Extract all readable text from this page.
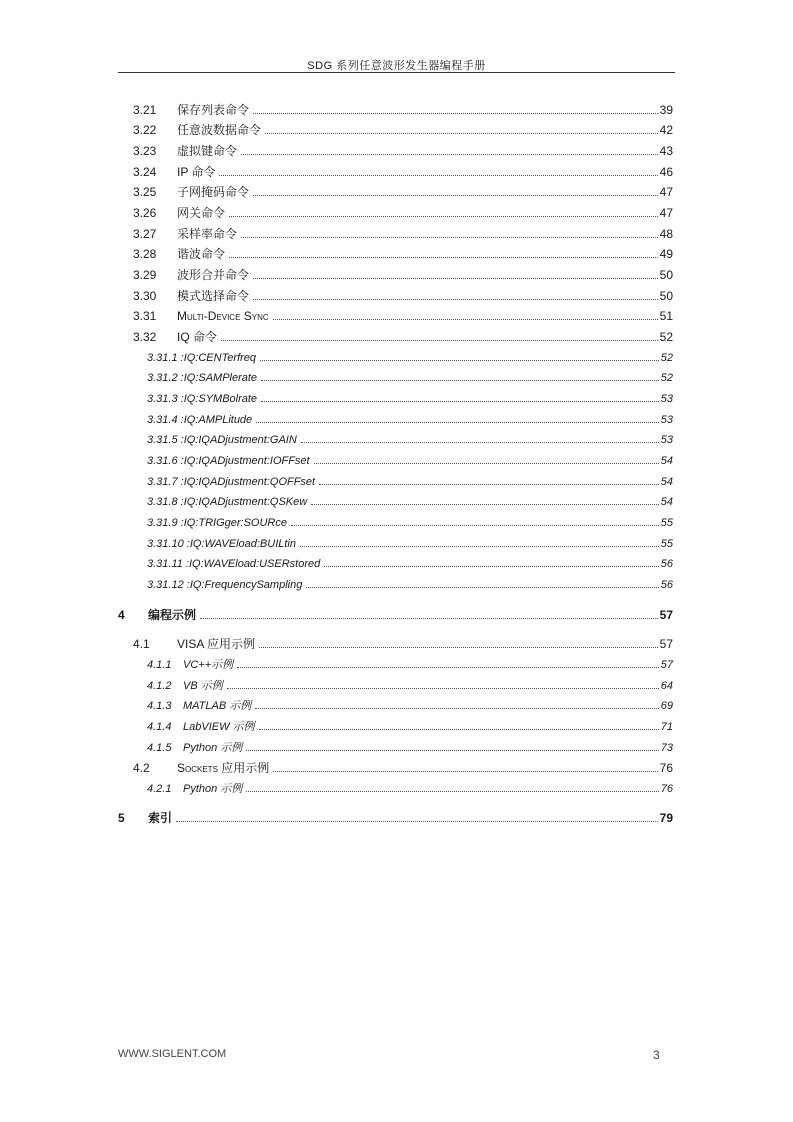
SDG 系列任意波形发生器编程手册
3.21	保存列表命令	39
3.22	任意波数据命令	42
3.23	虚拟键命令	43
3.24	IP 命令	46
3.25	子网掩码命令	47
3.26	网关命令	47
3.27	采样率命令	48
3.28	谐波命令	49
3.29	波形合并命令	50
3.30	模式选择命令	50
3.31	Multi-Device Sync	51
3.32	IQ 命令	52
3.31.1 :IQ:CENTerfreq	52
3.31.2 :IQ:SAMPlerate	52
3.31.3 :IQ:SYMBolrate	53
3.31.4 :IQ:AMPLitude	53
3.31.5 :IQ:IQADjustment:GAIN	53
3.31.6 :IQ:IQADjustment:IOFFset	54
3.31.7 :IQ:IQADjustment:QOFFset	54
3.31.8 :IQ:IQADjustment:QSKew	54
3.31.9 :IQ:TRIGger:SOURce	55
3.31.10 :IQ:WAVEload:BUILtin	55
3.31.11 :IQ:WAVEload:USERstored	56
3.31.12 :IQ:FrequencySampling	56
4	编程示例	57
4.1	VISA 应用示例	57
4.1.1	VC++示例	57
4.1.2	VB 示例	64
4.1.3	MATLAB 示例	69
4.1.4	LabVIEW 示例	71
4.1.5	Python 示例	73
4.2	Sockets 应用示例	76
4.2.1	Python 示例	76
5	索引	79
WWW.SIGLENT.COM	3
